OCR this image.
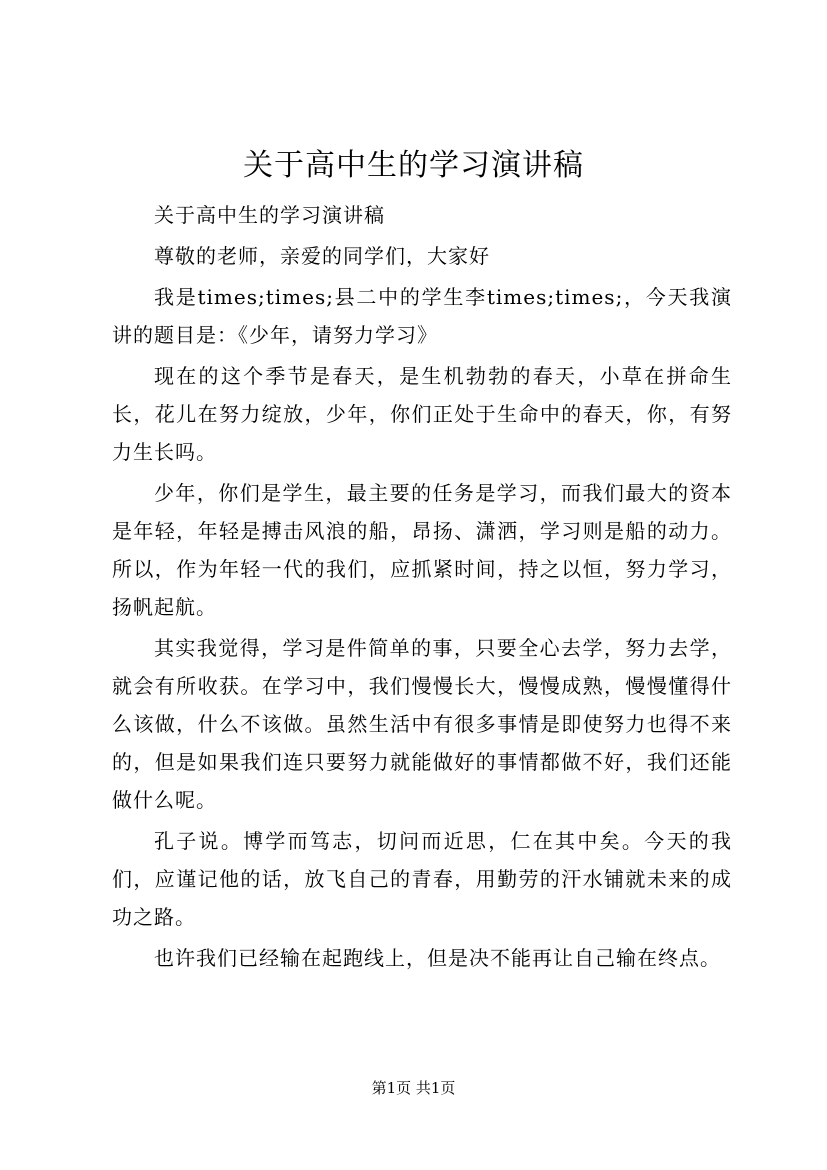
关于高中生的学习演讲稿

关于高中生的学习演讲稿

尊敬的老师，亲爱的同学们，大家好

我是times;times;县二中的学生李times;times;，今天我演讲的题目是：《少年，请努力学习》

现在的这个季节是春天，是生机勃勃的春天，小草在拼命生长，花儿在努力绽放，少年，你们正处于生命中的春天，你，有努力生长吗。

少年，你们是学生，最主要的任务是学习，而我们最大的资本是年轻，年轻是搏击风浪的船，昂扬、潇洒，学习则是船的动力。所以，作为年轻一代的我们，应抓紧时间，持之以恒，努力学习，扬帆起航。

其实我觉得，学习是件简单的事，只要全心去学，努力去学，就会有所收获。在学习中，我们慢慢长大，慢慢成熟，慢慢懂得什么该做，什么不该做。虽然生活中有很多事情是即使努力也得不来的，但是如果我们连只要努力就能做好的事情都做不好，我们还能做什么呢。

孔子说。博学而笃志，切问而近思，仁在其中矣。今天的我们，应谨记他的话，放飞自己的青春，用勤劳的汗水铺就未来的成功之路。

也许我们已经输在起跑线上，但是决不能再让自己输在终点。

第1页 共1页
